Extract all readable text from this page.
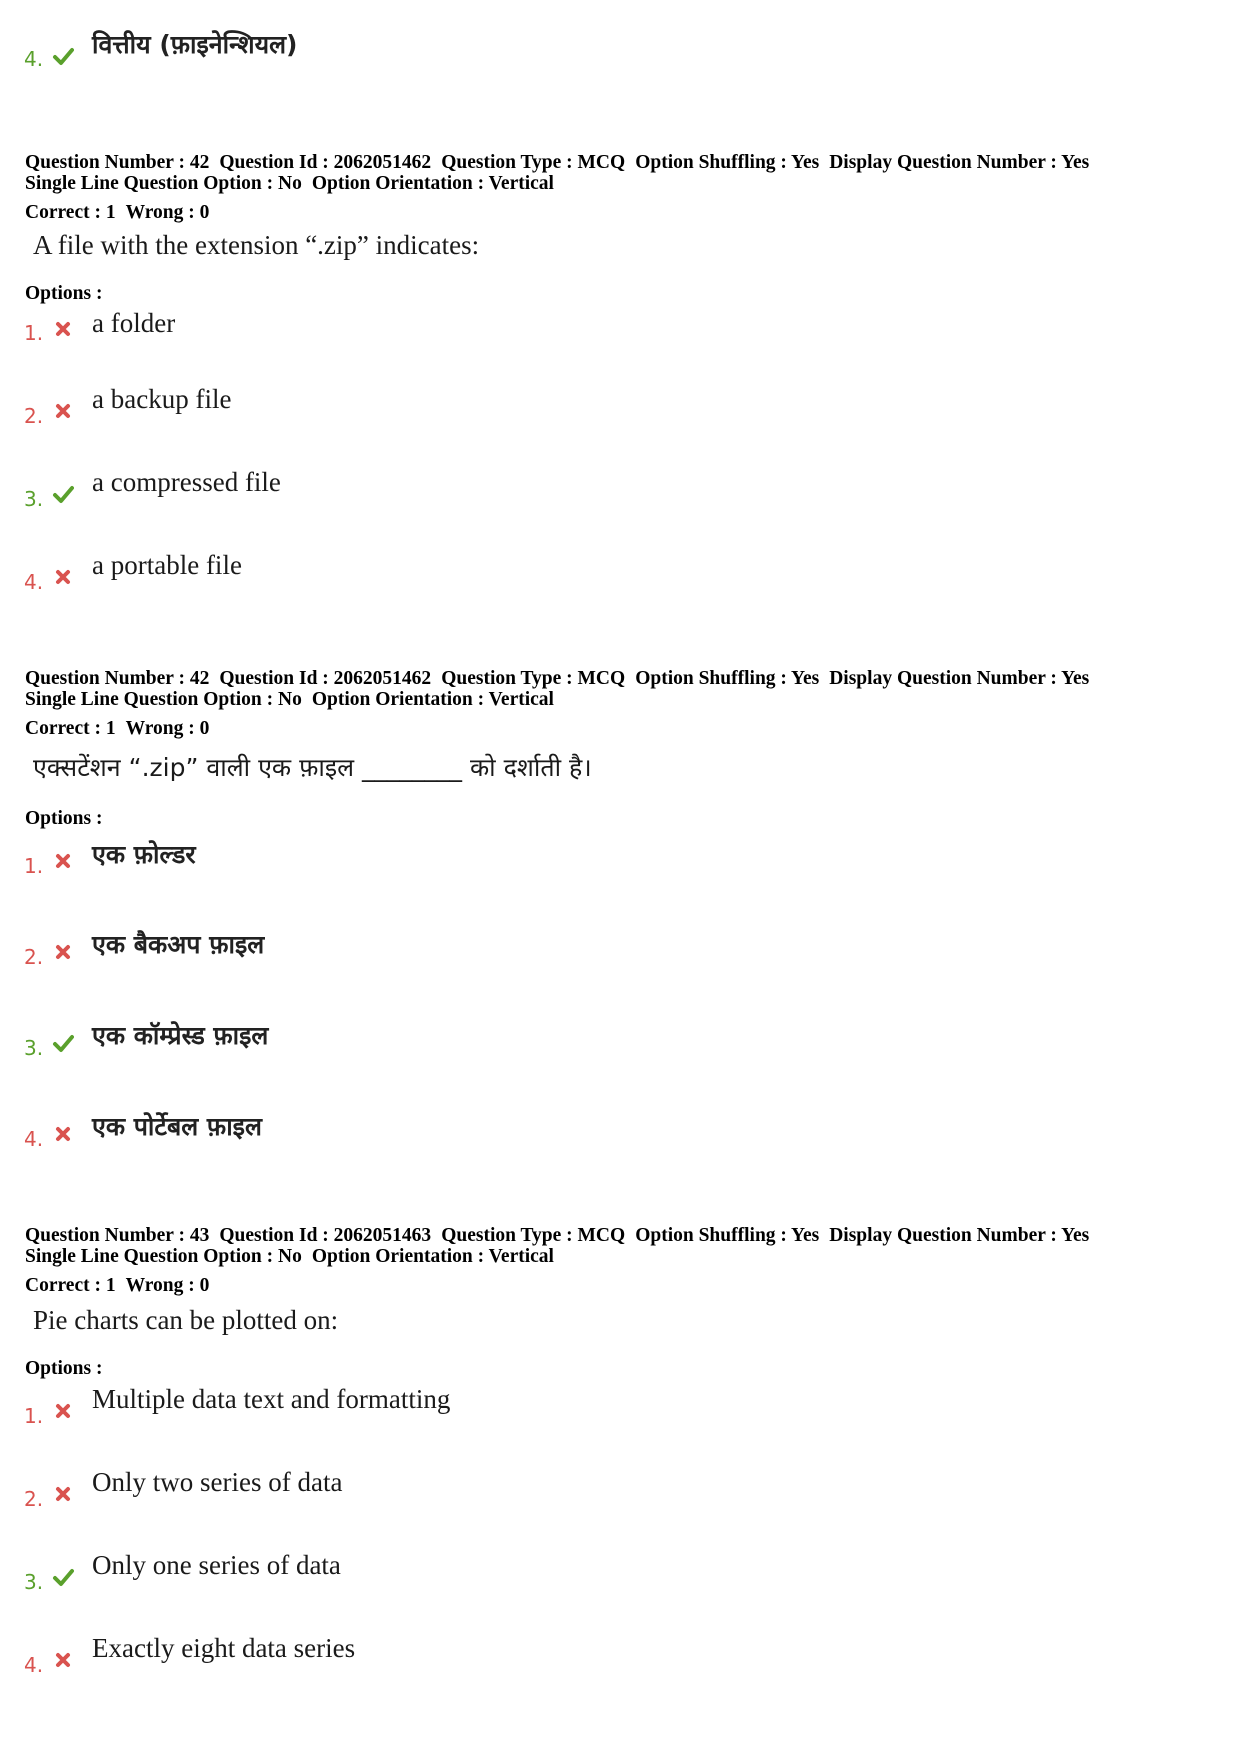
4. वित्तीय (फ़ाइनेन्शियल)
Question Number : 42 Question Id : 2062051462 Question Type : MCQ Option Shuffling : Yes Display Question Number : Yes
Single Line Question Option : No Option Orientation : Vertical
Correct : 1 Wrong : 0
A file with the extension “.zip” indicates:
Options :
1. a folder
2.
a backup file
3.
a compressed file
4.
a portable file
Question Number : 42 Question Id : 2062051462 Question Type : MCQ Option Shuffling : Yes Display Question Number : Yes
Single Line Question Option : No Option Orientation : Vertical
Correct : 1 Wrong : 0
एक्सटेंशन “.zip” वाली एक फ़ाइल ________ को दर्शाती है।
Options :
1. एक फ़ोल्डर
2. एक बैकअप फ़ाइल
3. एक कॉम्प्रेस्ड फ़ाइल
4. एक पोर्टेबल फ़ाइल
Question Number : 43 Question Id : 2062051463 Question Type : MCQ Option Shuffling : Yes Display Question Number : Yes
Single Line Question Option : No Option Orientation : Vertical
Correct : 1 Wrong : 0
Pie charts can be plotted on:
Options :
1.
Multiple data text and formatting
2.
Only two series of data
3.
Only one series of data
4.
Exactly eight data series
